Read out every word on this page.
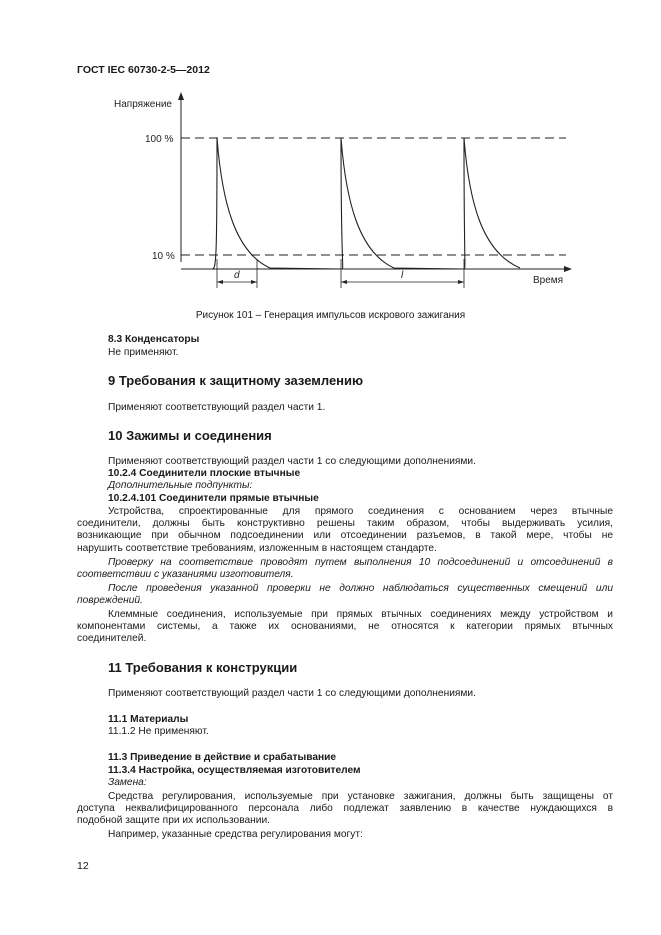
ГОСТ IEC 60730-2-5—2012
d	l
Напряжение
100 %
10 %
Время
Рисунок 101 – Генерация импульсов искрового зажигания
8.3 Конденсаторы
Не применяют.
9 Требования к защитному заземлению
Применяют соответствующий раздел части 1.
10 Зажимы и соединения
Применяют соответствующий раздел части 1 со следующими дополнениями.
10.2.4 Соединители плоские втычные
Дополнительные подпункты:
10.2.4.101 Соединители прямые втычные
Устройства, спроектированные для прямого соединения с основанием через втычные
соединители, должны быть конструктивно решены таким образом, чтобы выдерживать усилия,
возникающие при обычном подсоединении или отсоединении разъемов, в такой мере, чтобы не
нарушить соответствие требованиям, изложенным в настоящем стандарте.
Проверку на соответствие проводят путем выполнения 10 подсоединений и отсоединений в
соответствии с указаниями изготовителя.
После проведения указанной проверки не должно наблюдаться существенных смещений или
повреждений.
Клеммные соединения, используемые при прямых втычных соединениях между устройством и
компонентами системы, а также их основаниями, не относятся к категории прямых втычных
соединителей.
11 Требования к конструкции
Применяют соответствующий раздел части 1 со следующими дополнениями.
11.1 Материалы
11.1.2 Не применяют.
11.3 Приведение в действие и срабатывание
11.3.4 Настройка, осуществляемая изготовителем
Замена:
Средства регулирования, используемые при установке зажигания, должны быть защищены от
доступа неквалифицированного персонала либо подлежат заявлению в качестве нуждающихся в
подобной защите при их использовании.
Например, указанные средства регулирования могут:
12
